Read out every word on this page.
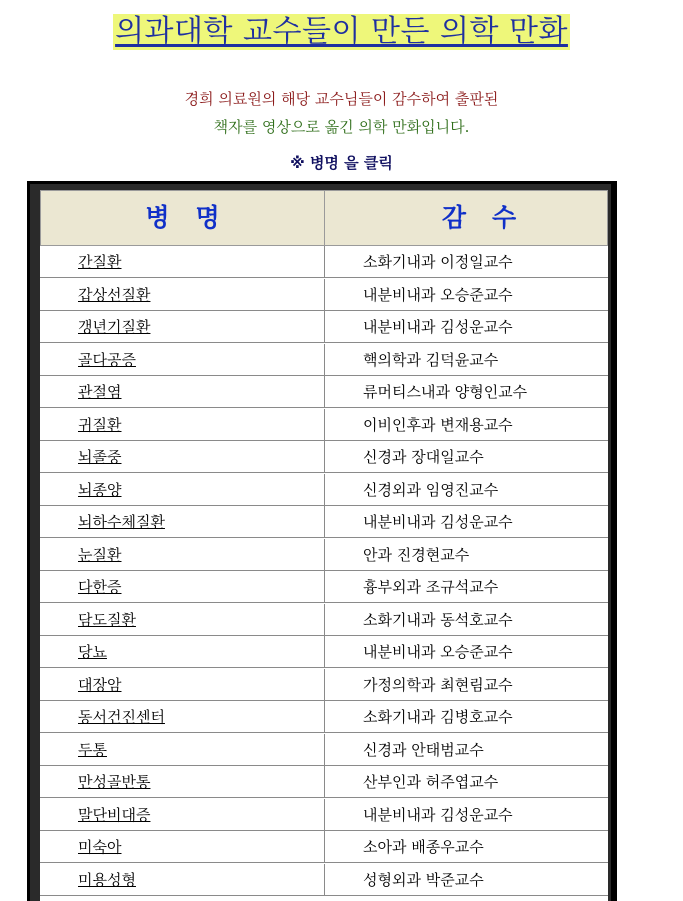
의과대학 교수들이 만든 의학 만화
경희 의료원의 해당 교수님들이 감수하여 출판된
책자를 영상으로 옮긴 의학 만화입니다.
※ 병명 을 클릭
병명	감수
간질환	소화기내과 이정일교수
갑상선질환	내분비내과 오승준교수
갱년기질환	내분비내과 김성운교수
골다공증	핵의학과 김덕윤교수
관절염	류머티스내과 양형인교수
귀질환	이비인후과 변재용교수
뇌졸중	신경과 장대일교수
뇌종양	신경외과 임영진교수
뇌하수체질환	내분비내과 김성운교수
눈질환	안과 진경현교수
다한증	흉부외과 조규석교수
담도질환	소화기내과 동석호교수
당뇨	내분비내과 오승준교수
대장암	가정의학과 최현림교수
동서건진센터	소화기내과 김병호교수
두통	신경과 안태범교수
만성골반통	산부인과 허주엽교수
말단비대증	내분비내과 김성운교수
미숙아	소아과 배종우교수
미용성형	성형외과 박준교수
